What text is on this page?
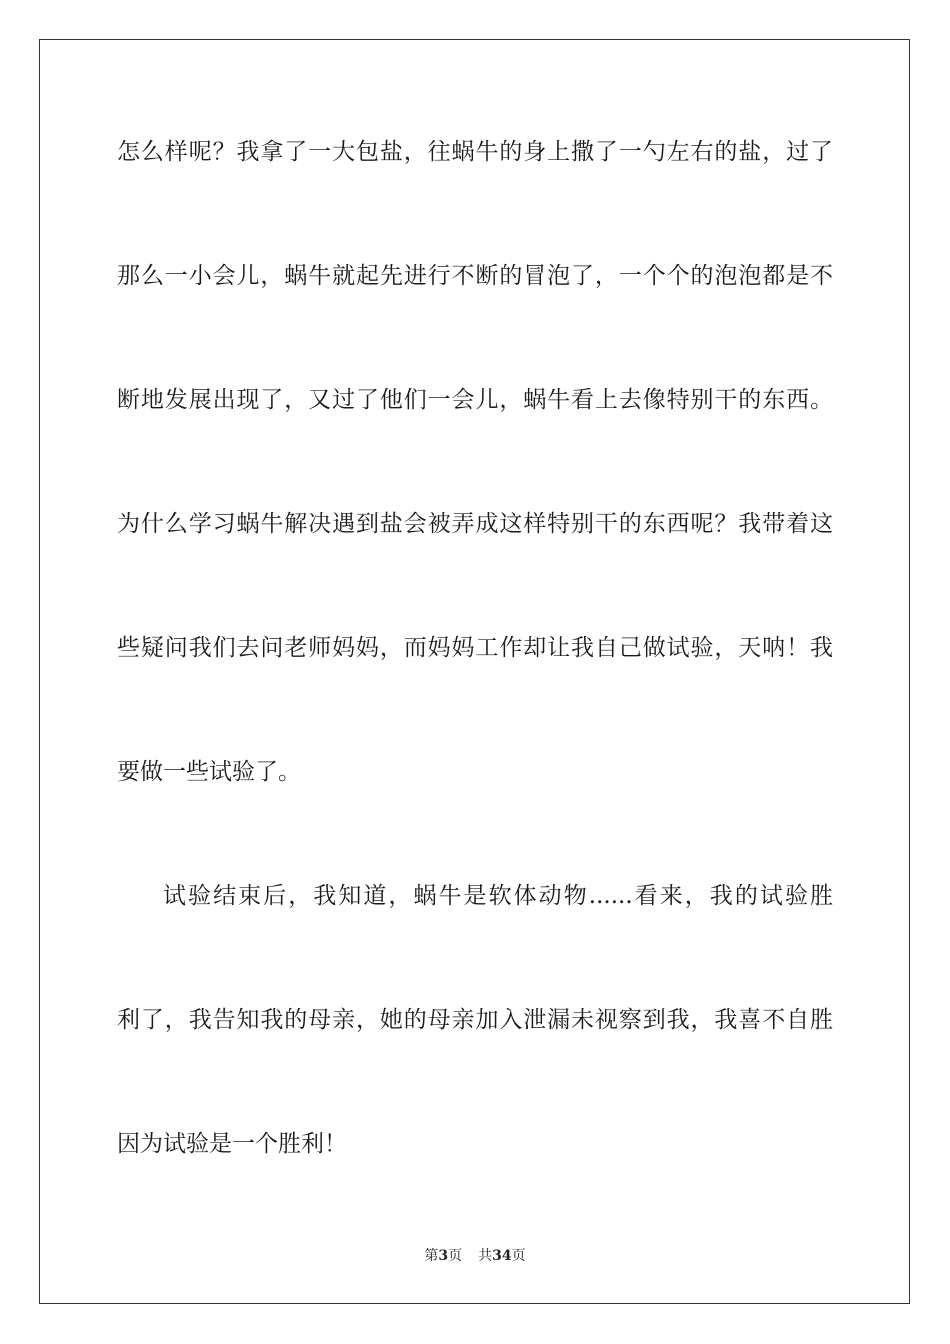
怎么样呢？我拿了一大包盐，往蜗牛的身上撒了一勺左右的盐，过了
那么一小会儿，蜗牛就起先进行不断的冒泡了，一个个的泡泡都是不
断地发展出现了，又过了他们一会儿，蜗牛看上去像特别干的东西。
为什么学习蜗牛解决遇到盐会被弄成这样特别干的东西呢？我带着这
些疑问我们去问老师妈妈，而妈妈工作却让我自己做试验，天呐！我
要做一些试验了。
试验结束后，我知道，蜗牛是软体动物......看来，我的试验胜
利了，我告知我的母亲，她的母亲加入泄漏未视察到我，我喜不自胜
因为试验是一个胜利！
第3页 共34页
